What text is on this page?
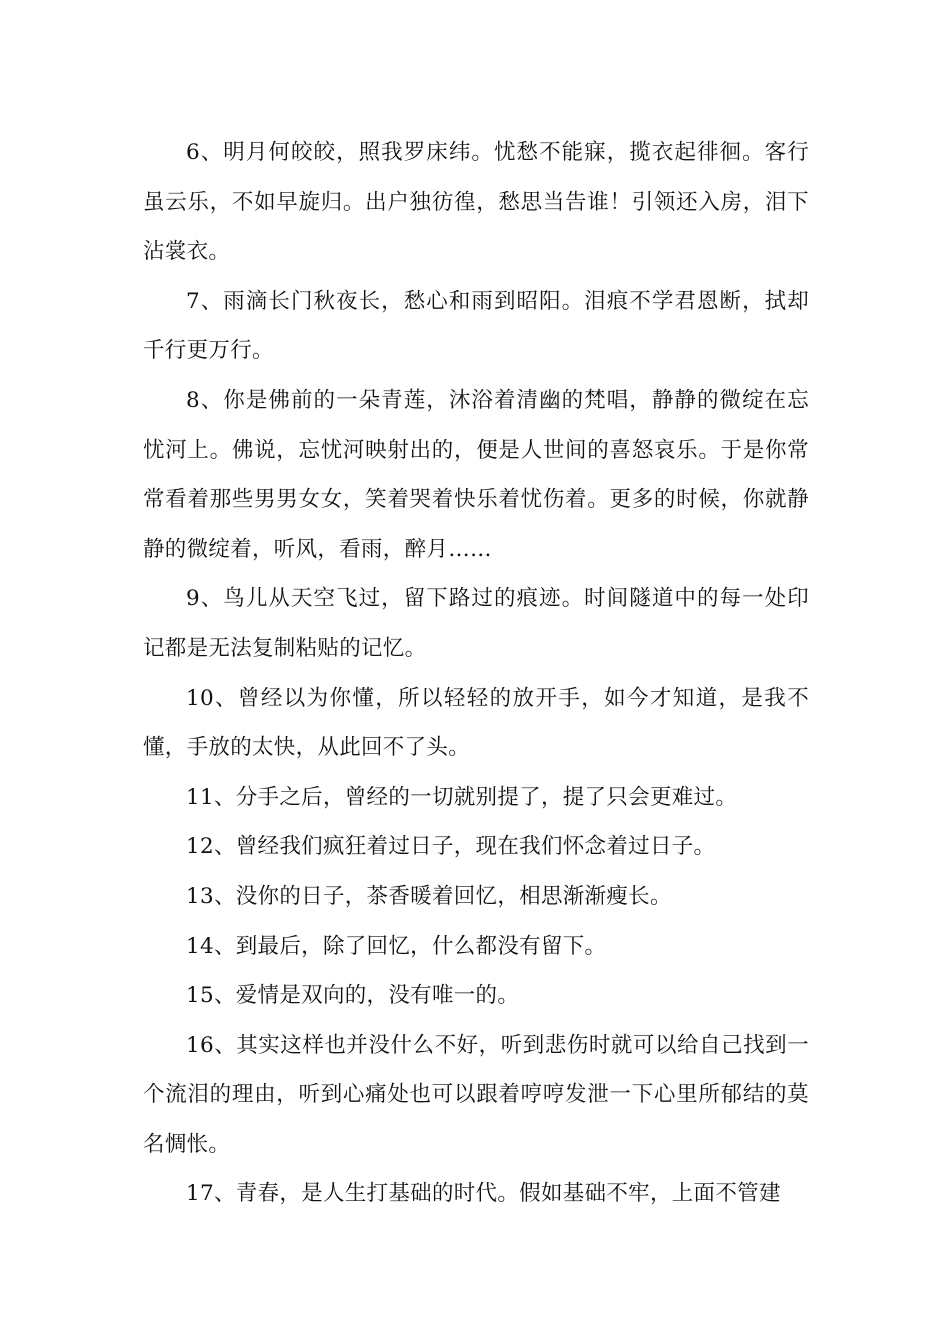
6、明月何皎皎，照我罗床纬。忧愁不能寐，揽衣起徘徊。客行虽云乐，不如早旋归。出户独彷徨，愁思当告谁！引领还入房，泪下沾裳衣。

7、雨滴长门秋夜长，愁心和雨到昭阳。泪痕不学君恩断，拭却千行更万行。

8、你是佛前的一朵青莲，沐浴着清幽的梵唱，静静的微绽在忘忧河上。佛说，忘忧河映射出的，便是人世间的喜怒哀乐。于是你常常看着那些男男女女，笑着哭着快乐着忧伤着。更多的时候，你就静静的微绽着，听风，看雨，醉月……

9、鸟儿从天空飞过，留下路过的痕迹。时间隧道中的每一处印记都是无法复制粘贴的记忆。

10、曾经以为你懂，所以轻轻的放开手，如今才知道，是我不懂，手放的太快，从此回不了头。

11、分手之后，曾经的一切就别提了，提了只会更难过。

12、曾经我们疯狂着过日子，现在我们怀念着过日子。

13、没你的日子，茶香暖着回忆，相思渐渐瘦长。

14、到最后，除了回忆，什么都没有留下。

15、爱情是双向的，没有唯一的。

16、其实这样也并没什么不好，听到悲伤时就可以给自己找到一个流泪的理由，听到心痛处也可以跟着哼哼发泄一下心里所郁结的莫名惆怅。

17、青春，是人生打基础的时代。假如基础不牢，上面不管建
